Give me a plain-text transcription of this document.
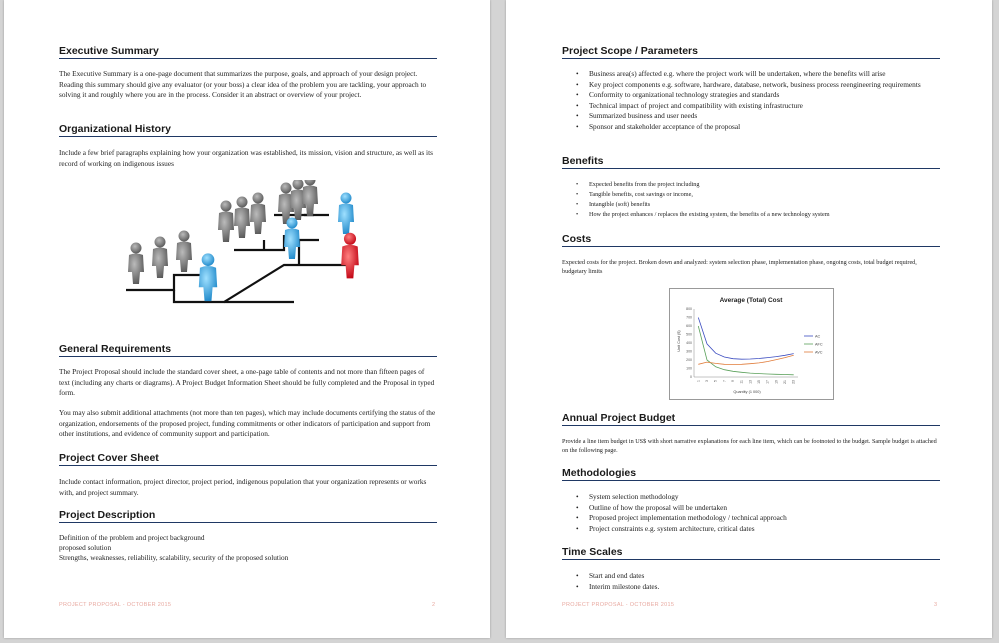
Executive Summary

The Executive Summary is a one-page document that summarizes the purpose, goals, and approach of your design project. Reading this summary should give any evaluator (or your boss) a clear idea of the problem you are tackling, your approach to solving it and roughly where you are in the process. Consider it an abstract or overview of your project.

Organizational History

Include a few brief paragraphs explaining how your organization was established, its mission, vision and structure, as well as its record of working on indigenous issues

General Requirements

The Project Proposal should include the standard cover sheet, a one-page table of contents and not more than fifteen pages of text (including any charts or diagrams). A Project Budget Information Sheet should be fully completed and the Proposal in typed form.

You may also submit additional attachments (not more than ten pages), which may include documents certifying the status of the organization, endorsements of the proposed project, funding commitments or other indicators of participation and support from other institutions, and evidence of community support and participation.

Project Cover Sheet

Include contact information, project director, project period, indigenous population that your organization represents or works with, and project summary.

Project Description

Definition of the problem and project background

proposed solution

Strengths, weaknesses, reliability, scalability, security of the proposed solution

PROJECT PROPOSAL - OCTOBER 2015	2
Project Scope / Parameters
• Business area(s) affected e.g. where the project work will be undertaken, where the benefits will arise
• Key project components e.g. software, hardware, database, network, business process reengineering requirements
• Conformity to organizational technology strategies and standards
• Technical impact of project and compatibility with existing infrastructure
• Summarized business and user needs
• Sponsor and stakeholder acceptance of the proposal
Benefits
• Expected benefits from the project including
• Tangible benefits, cost savings or income,
• Intangible (soft) benefits
• How the project enhances / replaces the existing system, the benefits of a new technology system
Costs

Expected costs for the project. Broken down and analyzed: system selection phase, implementation phase, ongoing costs, total budget required, budgetary limits

Average (Total) Cost
Quantity (1 000)
Unit Cost ($)
0
100
200
300
400
500
600
700
800
1 3 5 7 9 11 13 15 17 19 21 23
AC
AFC
AVC
Annual Project Budget

Provide a line item budget in US$ with short narrative explanations for each line item, which can be footnoted to the budget. Sample budget is attached on the following page.

Methodologies
• System selection methodology
• Outline of how the proposal will be undertaken
• Proposed project implementation methodology / technical approach
• Project constraints e.g. system architecture, critical dates
Time Scales
• Start and end dates
• Interim milestone dates.
PROJECT PROPOSAL - OCTOBER 2015	3
